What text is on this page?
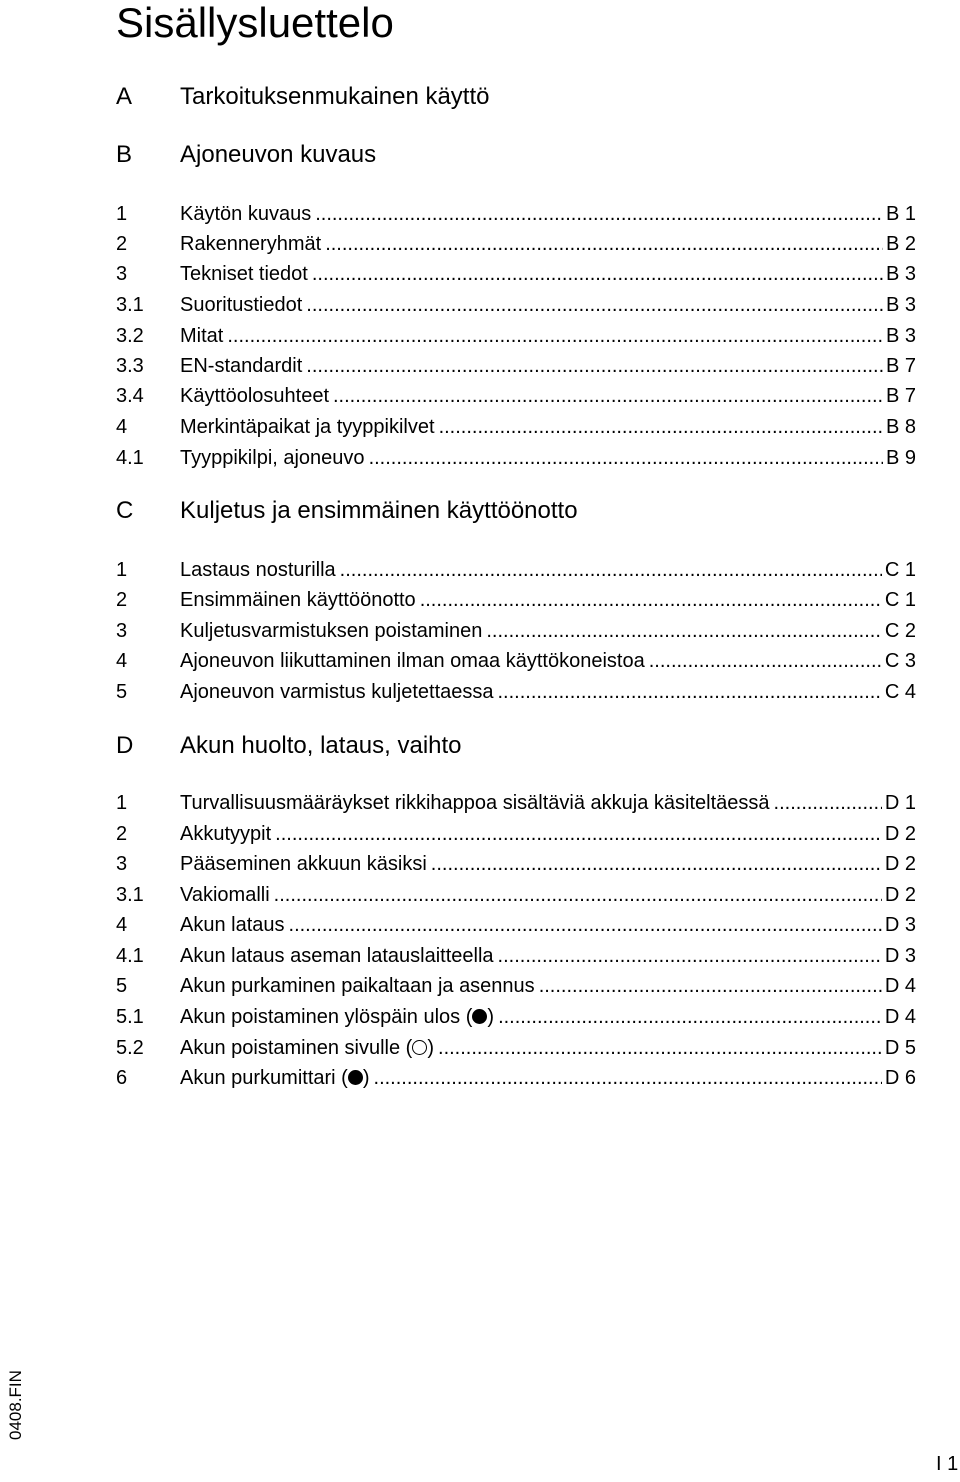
Sisällysluettelo
A Tarkoituksenmukainen käyttö
B Ajoneuvon kuvaus
1	Käytön kuvaus .....	B 1
2	Rakenneryhmät .....	B 2
3	Tekniset tiedot .....	B 3
3.1 Suoritustiedot .....	B 3
3.2 Mitat .....	B 3
3.3 EN-standardit .....	B 7
3.4 Käyttöolosuhteet .....	B 7
4	Merkintäpaikat ja tyyppikilvet .....	B 8
4.1 Tyyppikilpi, ajoneuvo .....	B 9
C Kuljetus ja ensimmäinen käyttöönotto
1	Lastaus nosturilla .....	C 1
2	Ensimmäinen käyttöönotto .....	C 1
3	Kuljetusvarmistuksen poistaminen .....	C 2
4	Ajoneuvon liikuttaminen ilman omaa käyttökoneistoa .....	C 3
5	Ajoneuvon varmistus kuljetettaessa .....	C 4
D Akun huolto, lataus, vaihto
1	Turvallisuusmääräykset rikkihappoa sisältäviä akkuja käsiteltäessä .....	D 1
2	Akkutyypit .....	D 2
3	Pääseminen akkuun käsiksi .....	D 2
3.1 Vakiomalli .....	D 2
4	Akun lataus .....	D 3
4.1 Akun lataus aseman latauslaitteella .....	D 3
5	Akun purkaminen paikaltaan ja asennus .....	D 4
5.1 Akun poistaminen ylöspäin ulos ( ) .....	D 4
5.2 Akun poistaminen sivulle ( ) .....	D 5
6	Akun purkumittari ( ) .....	D 6
0408.FIN
I 1
